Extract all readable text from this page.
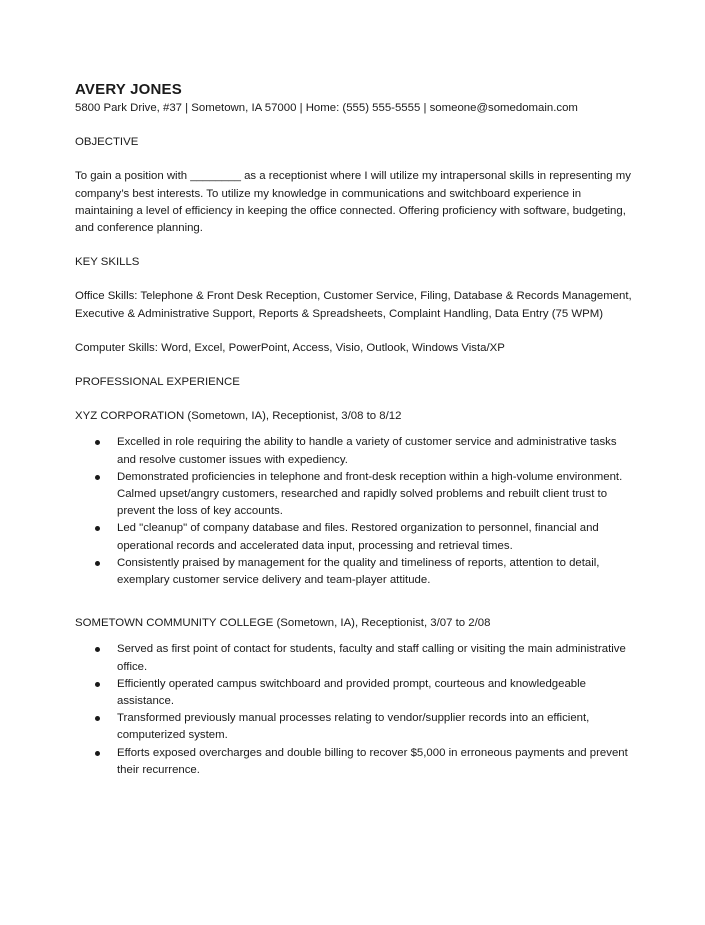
AVERY JONES
5800 Park Drive, #37 | Sometown, IA 57000 | Home: (555) 555-5555 | someone@somedomain.com
OBJECTIVE
To gain a position with ________ as a receptionist where I will utilize my intrapersonal skills in representing my company’s best interests. To utilize my knowledge in communications and switchboard experience in maintaining a level of efficiency in keeping the office connected. Offering proficiency with software, budgeting, and conference planning.
KEY SKILLS
Office Skills: Telephone & Front Desk Reception, Customer Service, Filing, Database & Records Management, Executive & Administrative Support, Reports & Spreadsheets, Complaint Handling, Data Entry (75 WPM)
Computer Skills: Word, Excel, PowerPoint, Access, Visio, Outlook, Windows Vista/XP
PROFESSIONAL EXPERIENCE
XYZ CORPORATION (Sometown, IA), Receptionist, 3/08 to 8/12
Excelled in role requiring the ability to handle a variety of customer service and administrative tasks and resolve customer issues with expediency.
Demonstrated proficiencies in telephone and front-desk reception within a high-volume environment. Calmed upset/angry customers, researched and rapidly solved problems and rebuilt client trust to prevent the loss of key accounts.
Led "cleanup" of company database and files. Restored organization to personnel, financial and operational records and accelerated data input, processing and retrieval times.
Consistently praised by management for the quality and timeliness of reports, attention to detail, exemplary customer service delivery and team-player attitude.
SOMETOWN COMMUNITY COLLEGE (Sometown, IA), Receptionist, 3/07 to 2/08
Served as first point of contact for students, faculty and staff calling or visiting the main administrative office.
Efficiently operated campus switchboard and provided prompt, courteous and knowledgeable assistance.
Transformed previously manual processes relating to vendor/supplier records into an efficient, computerized system.
Efforts exposed overcharges and double billing to recover $5,000 in erroneous payments and prevent their recurrence.
